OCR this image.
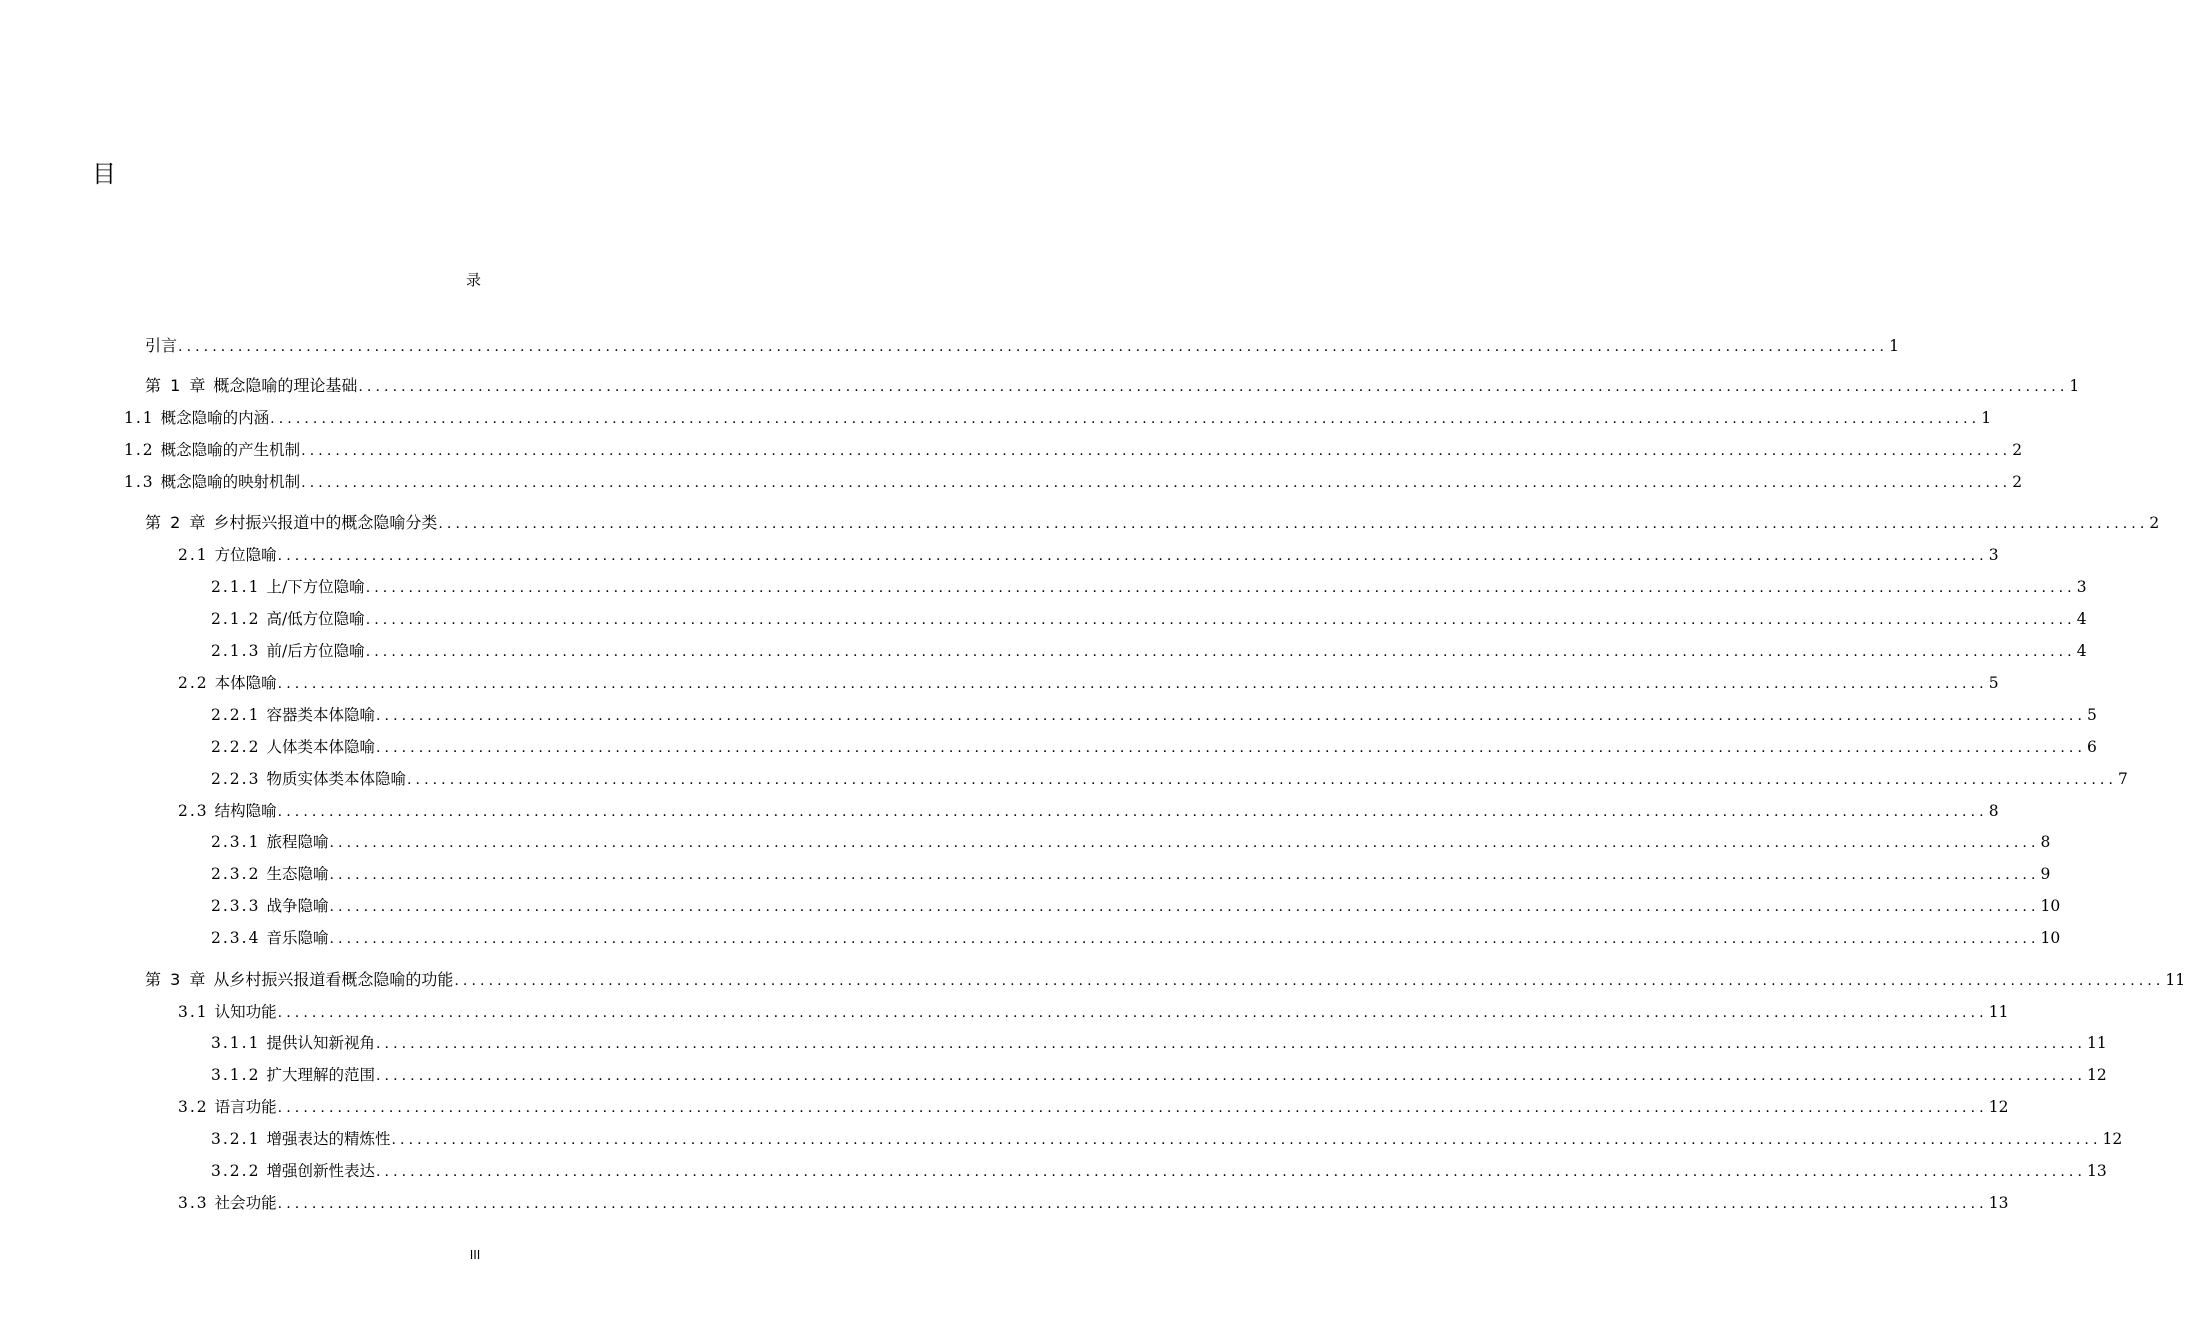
目
录
引言 ........................................................................................................................................................................................................ 1
第 1 章 概念隐喻的理论基础 ........................................................................................................................................................................................................ 1
1.1 概念隐喻的内涵 ........................................................................................................................................................................................................ 1
1.2 概念隐喻的产生机制 ........................................................................................................................................................................................................ 2
1.3 概念隐喻的映射机制 ........................................................................................................................................................................................................ 2
第 2 章 乡村振兴报道中的概念隐喻分类 ........................................................................................................................................................................................................ 2
2.1 方位隐喻 ........................................................................................................................................................................................................ 3
2.1.1 上/下方位隐喻 ........................................................................................................................................................................................................ 3
2.1.2 高/低方位隐喻 ........................................................................................................................................................................................................ 4
2.1.3 前/后方位隐喻 ........................................................................................................................................................................................................ 4
2.2 本体隐喻 ........................................................................................................................................................................................................ 5
2.2.1 容器类本体隐喻 ........................................................................................................................................................................................................ 5
2.2.2 人体类本体隐喻 ........................................................................................................................................................................................................ 6
2.2.3 物质实体类本体隐喻 ........................................................................................................................................................................................................ 7
2.3 结构隐喻 ........................................................................................................................................................................................................ 8
2.3.1 旅程隐喻 ........................................................................................................................................................................................................ 8
2.3.2 生态隐喻 ........................................................................................................................................................................................................ 9
2.3.3 战争隐喻 ........................................................................................................................................................................................................ 10
2.3.4 音乐隐喻 ........................................................................................................................................................................................................ 10
第 3 章 从乡村振兴报道看概念隐喻的功能 ........................................................................................................................................................................................................ 11
3.1 认知功能 ........................................................................................................................................................................................................ 11
3.1.1 提供认知新视角 ........................................................................................................................................................................................................ 11
3.1.2 扩大理解的范围 ........................................................................................................................................................................................................ 12
3.2 语言功能 ........................................................................................................................................................................................................ 12
3.2.1 增强表达的精炼性 ........................................................................................................................................................................................................ 12
3.2.2 增强创新性表达 ........................................................................................................................................................................................................ 13
3.3 社会功能 ........................................................................................................................................................................................................ 13
III
